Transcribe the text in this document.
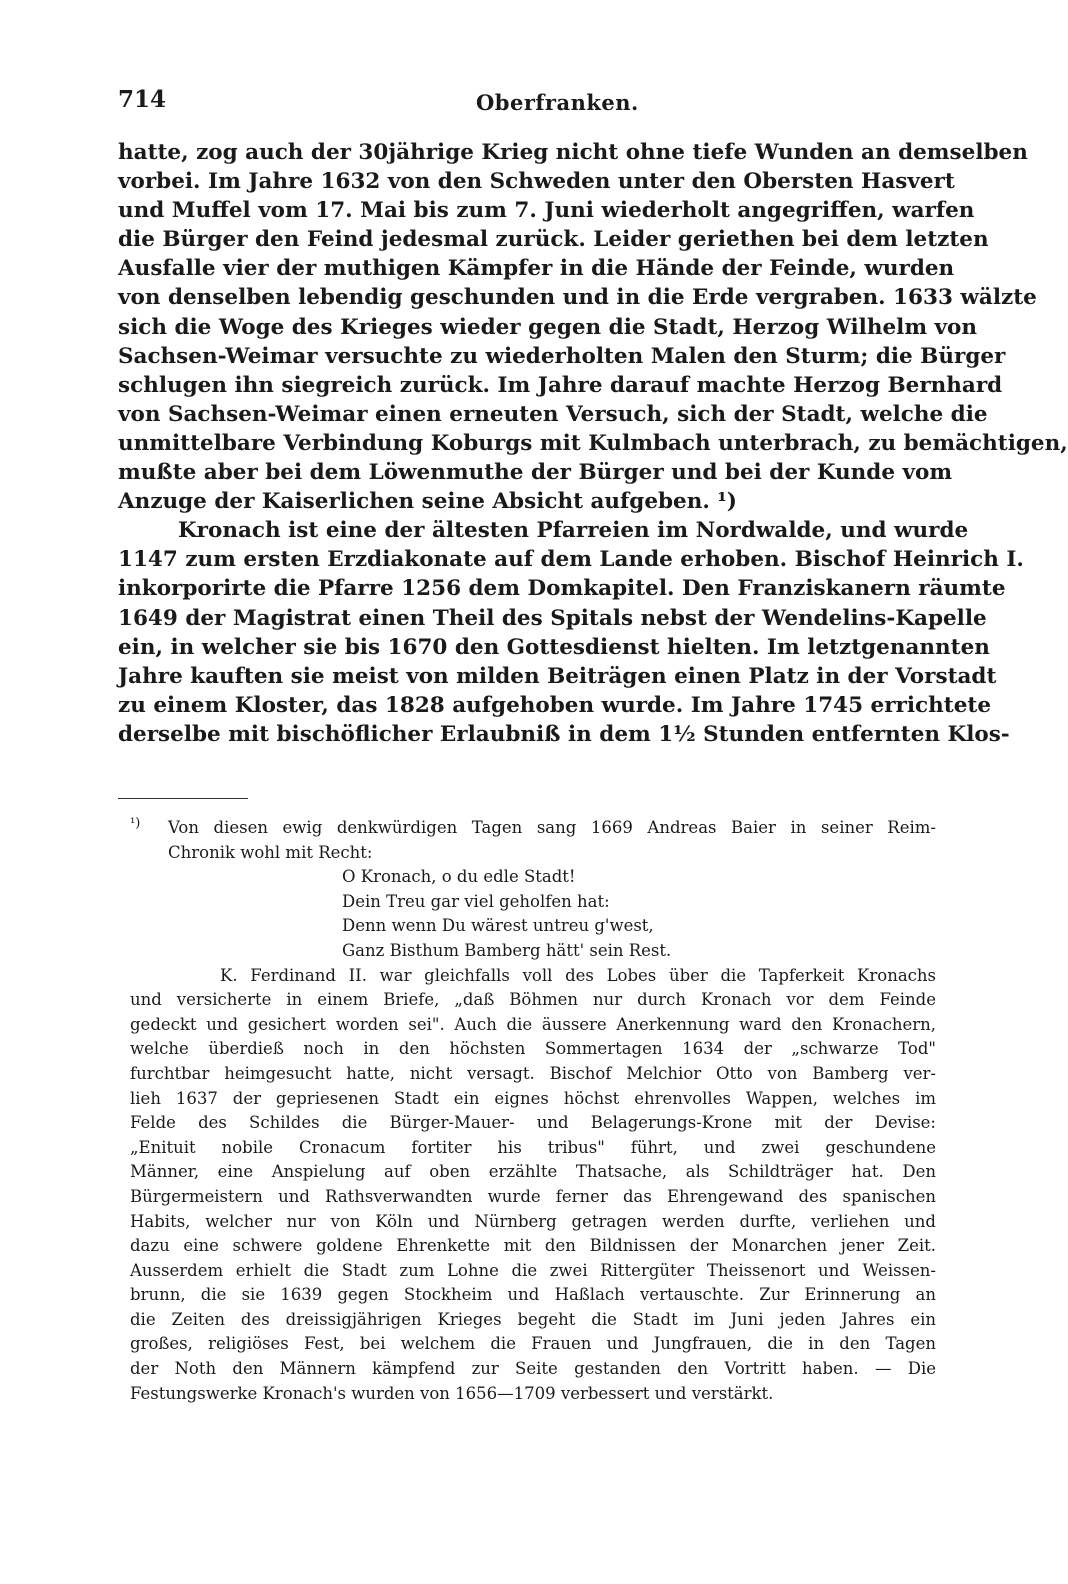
714	Oberfranken.
hatte, zog auch der 30jährige Krieg nicht ohne tiefe Wunden an demselben
vorbei. Im Jahre 1632 von den Schweden unter den Obersten Hasvert
und Muffel vom 17. Mai bis zum 7. Juni wiederholt angegriffen, warfen
die Bürger den Feind jedesmal zurück. Leider geriethen bei dem letzten
Ausfalle vier der muthigen Kämpfer in die Hände der Feinde, wurden
von denselben lebendig geschunden und in die Erde vergraben. 1633 wälzte
sich die Woge des Krieges wieder gegen die Stadt, Herzog Wilhelm von
Sachsen-Weimar versuchte zu wiederholten Malen den Sturm; die Bürger
schlugen ihn siegreich zurück. Im Jahre darauf machte Herzog Bernhard
von Sachsen-Weimar einen erneuten Versuch, sich der Stadt, welche die
unmittelbare Verbindung Koburgs mit Kulmbach unterbrach, zu bemächtigen,
mußte aber bei dem Löwenmuthe der Bürger und bei der Kunde vom
Anzuge der Kaiserlichen seine Absicht aufgeben. ¹)
Kronach ist eine der ältesten Pfarreien im Nordwalde, und wurde
1147 zum ersten Erzdiakonate auf dem Lande erhoben. Bischof Heinrich I.
inkorporirte die Pfarre 1256 dem Domkapitel. Den Franziskanern räumte
1649 der Magistrat einen Theil des Spitals nebst der Wendelins-Kapelle
ein, in welcher sie bis 1670 den Gottesdienst hielten. Im letztgenannten
Jahre kauften sie meist von milden Beiträgen einen Platz in der Vorstadt
zu einem Kloster, das 1828 aufgehoben wurde. Im Jahre 1745 errichtete
derselbe mit bischöflicher Erlaubniß in dem 1½ Stunden entfernten Klos-
¹) Von diesen ewig denkwürdigen Tagen sang 1669 Andreas Baier in seiner Reim-
Chronik wohl mit Recht:
O Kronach, o du edle Stadt!
Dein Treu gar viel geholfen hat:
Denn wenn Du wärest untreu g'west,
Ganz Bisthum Bamberg hätt' sein Rest.
K. Ferdinand II. war gleichfalls voll des Lobes über die Tapferkeit Kronachs
und versicherte in einem Briefe, „daß Böhmen nur durch Kronach vor dem Feinde
gedeckt und gesichert worden sei". Auch die äussere Anerkennung ward den Kronachern,
welche überdieß noch in den höchsten Sommertagen 1634 der „schwarze Tod"
furchtbar heimgesucht hatte, nicht versagt. Bischof Melchior Otto von Bamberg ver-
lieh 1637 der gepriesenen Stadt ein eignes höchst ehrenvolles Wappen, welches im
Felde des Schildes die Bürger-Mauer- und Belagerungs-Krone mit der Devise:
„Enituit nobile Cronacum fortiter his tribus" führt, und zwei geschundene
Männer, eine Anspielung auf oben erzählte Thatsache, als Schildträger hat. Den
Bürgermeistern und Rathsverwandten wurde ferner das Ehrengewand des spanischen
Habits, welcher nur von Köln und Nürnberg getragen werden durfte, verliehen und
dazu eine schwere goldene Ehrenkette mit den Bildnissen der Monarchen jener Zeit.
Ausserdem erhielt die Stadt zum Lohne die zwei Rittergüter Theissenort und Weissen-
brunn, die sie 1639 gegen Stockheim und Haßlach vertauschte. Zur Erinnerung an
die Zeiten des dreissigjährigen Krieges begeht die Stadt im Juni jeden Jahres ein
großes, religiöses Fest, bei welchem die Frauen und Jungfrauen, die in den Tagen
der Noth den Männern kämpfend zur Seite gestanden den Vortritt haben. — Die
Festungswerke Kronach's wurden von 1656—1709 verbessert und verstärkt.
